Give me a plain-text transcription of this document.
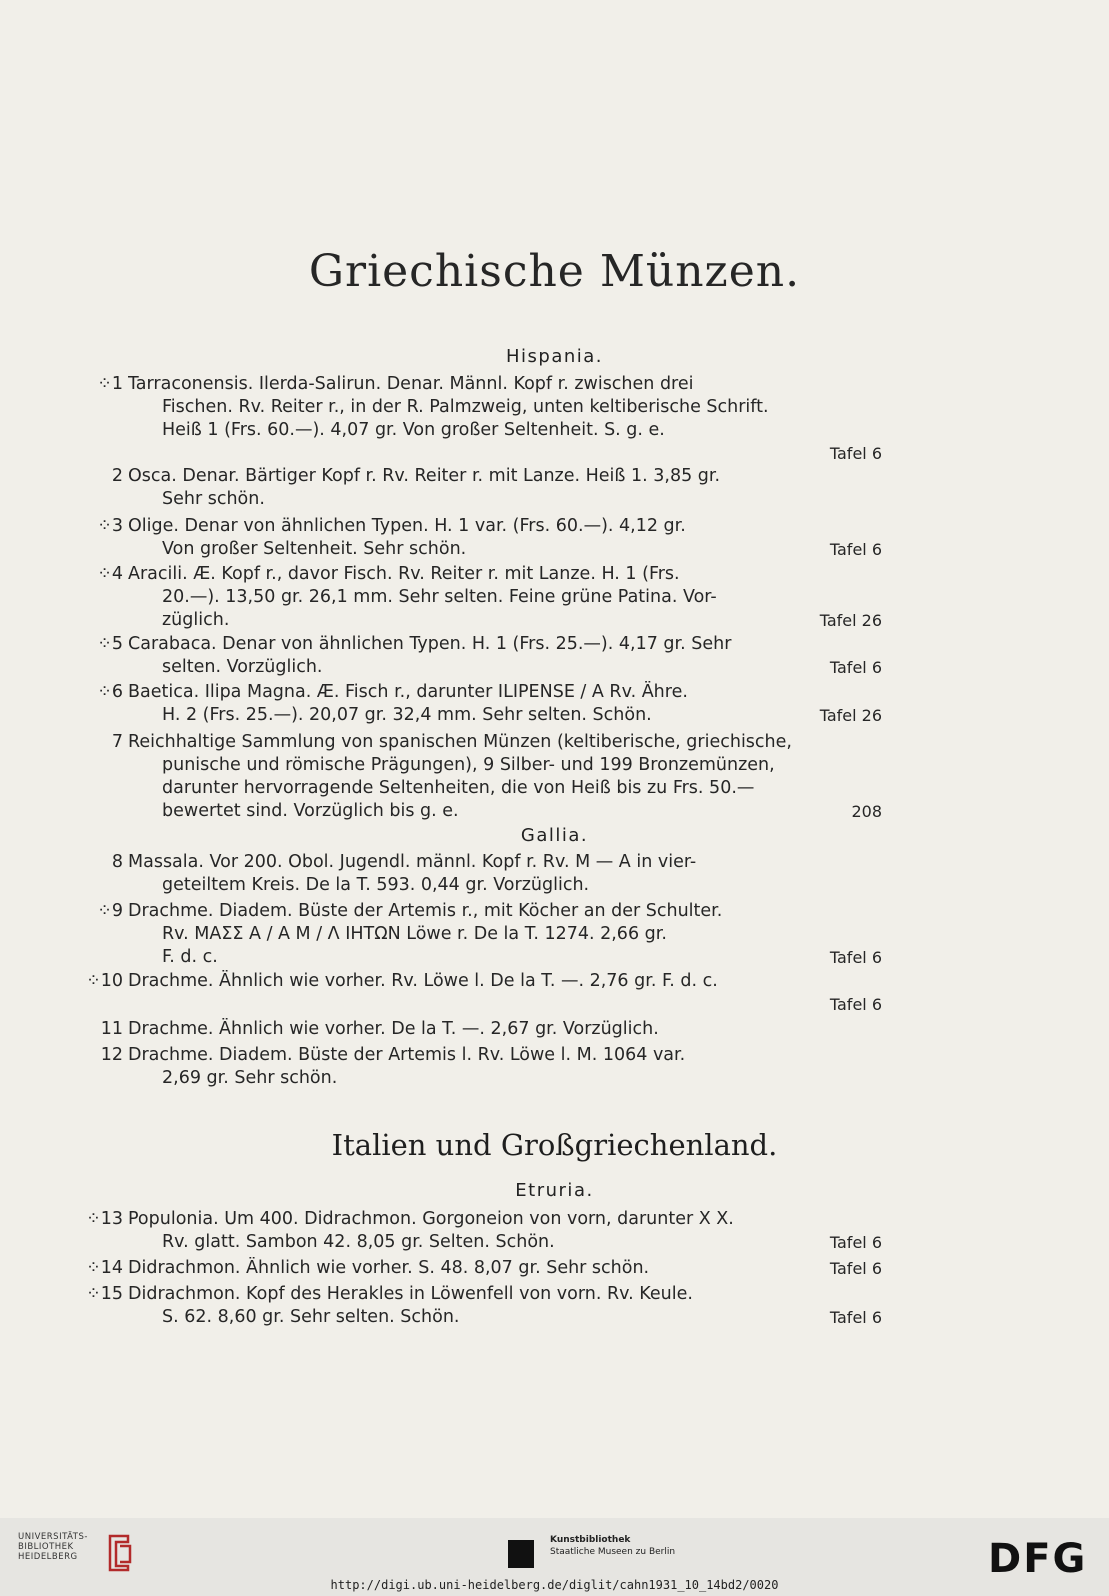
Griechische Münzen.
Hispania.
⁘1 Tarraconensis. Ilerda-Salirun. Denar. Männl. Kopf r. zwischen drei
Fischen. Rv. Reiter r., in der R. Palmzweig, unten keltiberische Schrift.
Heiß 1 (Frs. 60.—). 4,07 gr. Von großer Seltenheit. S. g. e.
Tafel 6
2 Osca. Denar. Bärtiger Kopf r. Rv. Reiter r. mit Lanze. Heiß 1. 3,85 gr.
Sehr schön.
⁘3 Olige. Denar von ähnlichen Typen. H. 1 var. (Frs. 60.—). 4,12 gr.
Von großer Seltenheit. Sehr schön.	Tafel 6
⁘4 Aracili. Æ. Kopf r., davor Fisch. Rv. Reiter r. mit Lanze. H. 1 (Frs.
20.—). 13,50 gr. 26,1 mm. Sehr selten. Feine grüne Patina. Vor-
züglich.	Tafel 26
⁘5 Carabaca. Denar von ähnlichen Typen. H. 1 (Frs. 25.—). 4,17 gr. Sehr
selten. Vorzüglich.	Tafel 6
⁘6 Baetica. Ilipa Magna. Æ. Fisch r., darunter ILIPENSE / A Rv. Ähre.
H. 2 (Frs. 25.—). 20,07 gr. 32,4 mm. Sehr selten. Schön.	Tafel 26
7 Reichhaltige Sammlung von spanischen Münzen (keltiberische, griechische,
punische und römische Prägungen), 9 Silber- und 199 Bronzemünzen,
darunter hervorragende Seltenheiten, die von Heiß bis zu Frs. 50.—
bewertet sind. Vorzüglich bis g. e.	208
Gallia.
8 Massala. Vor 200. Obol. Jugendl. männl. Kopf r. Rv. M — A in vier-
geteiltem Kreis. De la T. 593. 0,44 gr. Vorzüglich.
⁘9 Drachme. Diadem. Büste der Artemis r., mit Köcher an der Schulter.
Rv. ΜΑΣΣ Α / Α Μ / Λ ΙΗΤΩΝ Löwe r. De la T. 1274. 2,66 gr.
F. d. c.	Tafel 6
⁘10 Drachme. Ähnlich wie vorher. Rv. Löwe l. De la T. —. 2,76 gr. F. d. c.
Tafel 6
11 Drachme. Ähnlich wie vorher. De la T. —. 2,67 gr. Vorzüglich.
12 Drachme. Diadem. Büste der Artemis l. Rv. Löwe l. M. 1064 var.
2,69 gr. Sehr schön.
Italien und Großgriechenland.
Etruria.
⁘13 Populonia. Um 400. Didrachmon. Gorgoneion von vorn, darunter X X.
Rv. glatt. Sambon 42. 8,05 gr. Selten. Schön.	Tafel 6
⁘14 Didrachmon. Ähnlich wie vorher. S. 48. 8,07 gr. Sehr schön.	Tafel 6
⁘15 Didrachmon. Kopf des Herakles in Löwenfell von vorn. Rv. Keule.
S. 62. 8,60 gr. Sehr selten. Schön.	Tafel 6
UNIVERSITÄTS-
BIBLIOTHEK
HEIDELBERG
Kunstbibliothek
Staatliche Museen zu Berlin	DFG
http://digi.ub.uni-heidelberg.de/diglit/cahn1931_10_14bd2/0020
